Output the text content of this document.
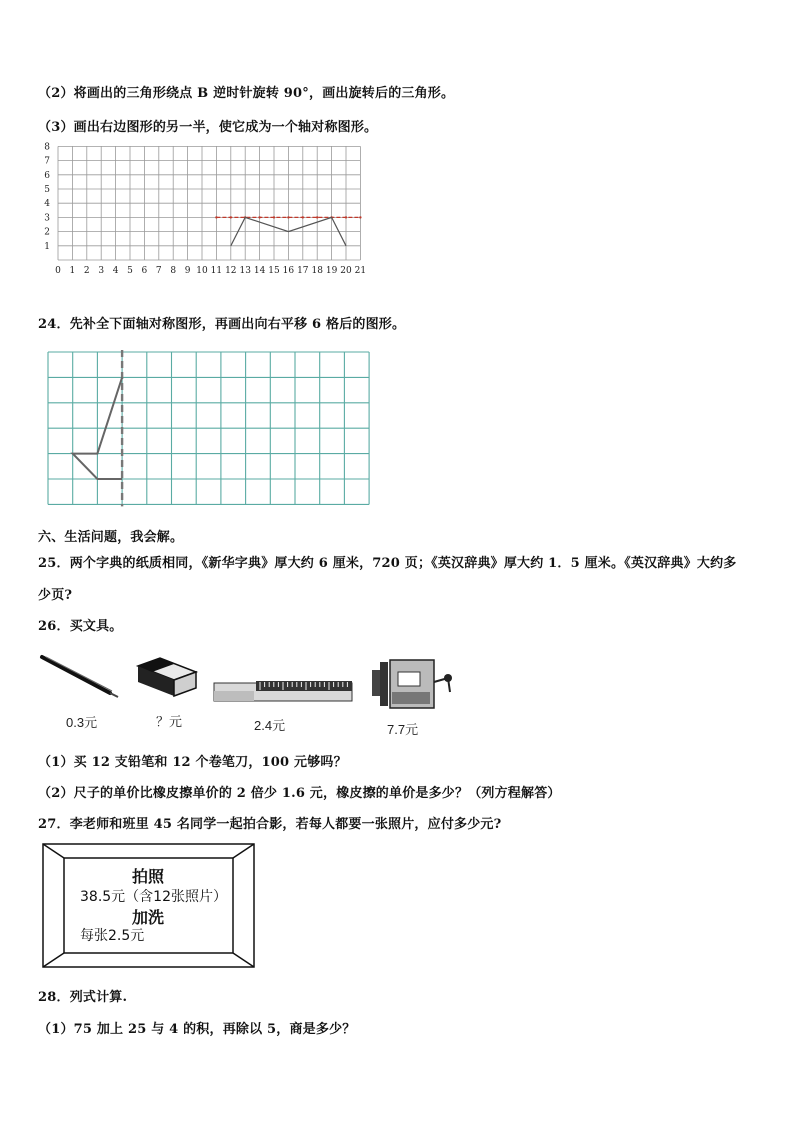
（2）将画出的三角形绕点 B 逆时针旋转 90°，画出旋转后的三角形。
（3）画出右边图形的另一半，使它成为一个轴对称图形。
0 1 2 3 4 5 6 7 8 9 10 11 12 13 14 15 16 17 18 19 20 21
1
2
3
4
5
6
7
8
24．先补全下面轴对称图形，再画出向右平移 6 格后的图形。
六、生活问题，我会解。
25．两个字典的纸质相同，《新华字典》厚大约 6 厘米，720 页；《英汉辞典》厚大约 1．5 厘米。《英汉辞典》大约多
少页?
26．买文具。
0.3元	？元	2.4元	7.7元
（1）买 12 支铅笔和 12 个卷笔刀，100 元够吗？
（2）尺子的单价比橡皮擦单价的 2 倍少 1.6 元，橡皮擦的单价是多少？（列方程解答）
27．李老师和班里 45 名同学一起拍合影，若每人都要一张照片，应付多少元?
拍照
38.5元（含12张照片）
加洗
每张2.5元
28．列式计算.
（1）75 加上 25 与 4 的积，再除以 5，商是多少？
